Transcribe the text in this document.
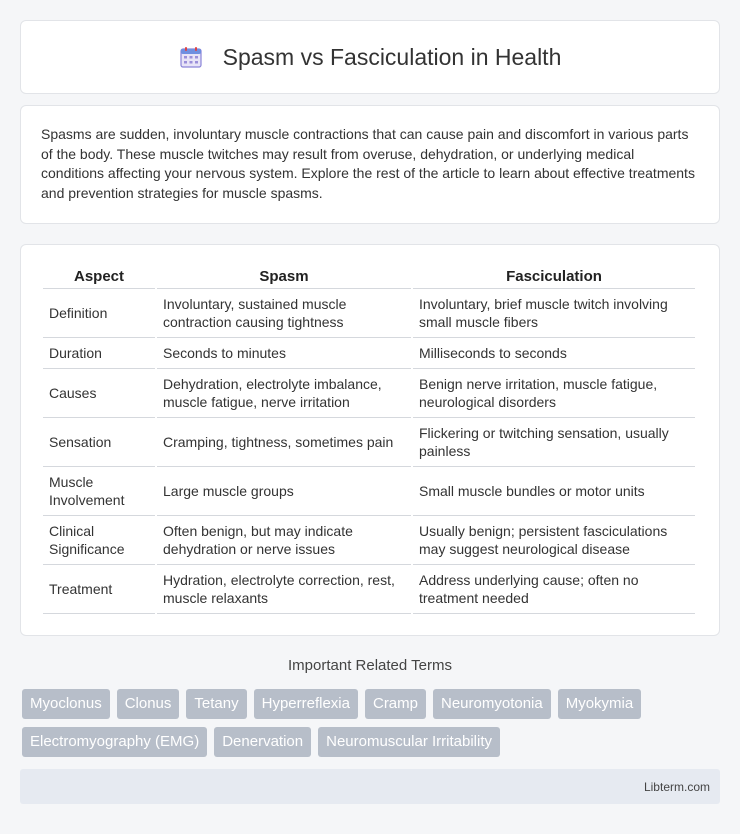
Spasm vs Fasciculation in Health

Spasms are sudden, involuntary muscle contractions that can cause pain and discomfort in various parts of the body. These muscle twitches may result from overuse, dehydration, or underlying medical conditions affecting your nervous system. Explore the rest of the article to learn about effective treatments and prevention strategies for muscle spasms.

Aspect	Spasm	Fasciculation
Definition	Involuntary, sustained muscle contraction causing tightness	Involuntary, brief muscle twitch involving small muscle fibers
Duration	Seconds to minutes	Milliseconds to seconds
Causes	Dehydration, electrolyte imbalance, muscle fatigue, nerve irritation	Benign nerve irritation, muscle fatigue, neurological disorders
Sensation	Cramping, tightness, sometimes pain	Flickering or twitching sensation, usually painless
Muscle Involvement	Large muscle groups	Small muscle bundles or motor units
Clinical Significance	Often benign, but may indicate dehydration or nerve issues	Usually benign; persistent fasciculations may suggest neurological disease
Treatment	Hydration, electrolyte correction, rest, muscle relaxants	Address underlying cause; often no treatment needed
Important Related Terms
Myoclonus	Clonus	Tetany	Hyperreflexia	Cramp	Neuromyotonia	Myokymia
Electromyography (EMG)	Denervation	Neuromuscular Irritability
Libterm.com
